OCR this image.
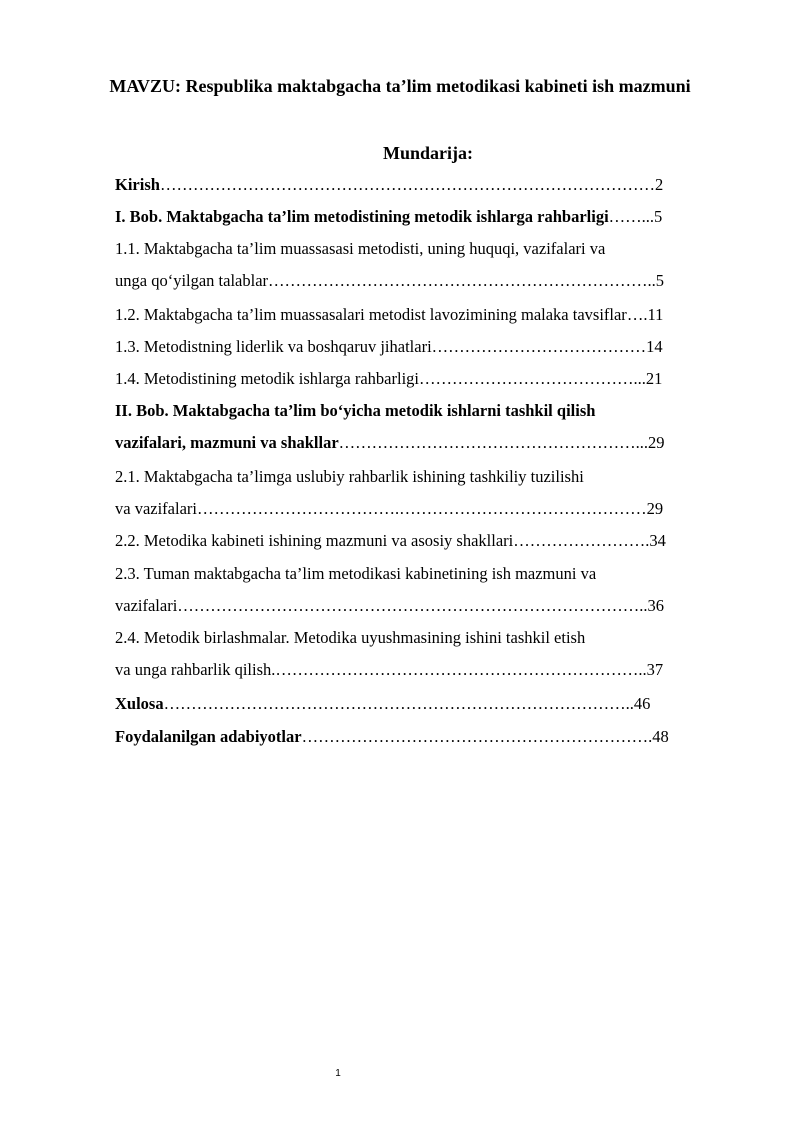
MAVZU: Respublika maktabgacha ta’lim metodikasi kabineti ish mazmuni
Mundarija:
Kirish………………………………………………………………………………2
I. Bob. Maktabgacha ta’lim metodistining metodik ishlarga rahbarligi……...5
1.1. Maktabgacha ta’lim muassasasi metodisti, uning huquqi, vazifalari va
unga qo‘yilgan talablar……………………………………………………………..5
1.2. Maktabgacha ta’lim muassasalari metodist lavozimining malaka tavsiflar….11
1.3. Metodistning liderlik va boshqaruv jihatlari…………………………………14
1.4. Metodistining metodik ishlarga rahbarligi…………………………………...21
II. Bob. Maktabgacha ta’lim bo‘yicha metodik ishlarni tashkil qilish
vazifalari, mazmuni va shakllar………………………………………………...29
2.1. Maktabgacha ta’limga uslubiy rahbarlik ishining tashkiliy tuzilishi
va vazifalari……………………………….………………………………………29
2.2. Metodika kabineti ishining mazmuni va asosiy shakllari…………………….34
2.3. Tuman maktabgacha ta’lim metodikasi kabinetining ish mazmuni va
vazifalari…………………………………………………………………………..36
2.4. Metodik birlashmalar. Metodika uyushmasining ishini tashkil etish
va unga rahbarlik qilish.…………………………………………………………..37
Xulosa…………………………………………………………………………..46
Foydalanilgan adabiyotlar……………………………………………………….48
1
